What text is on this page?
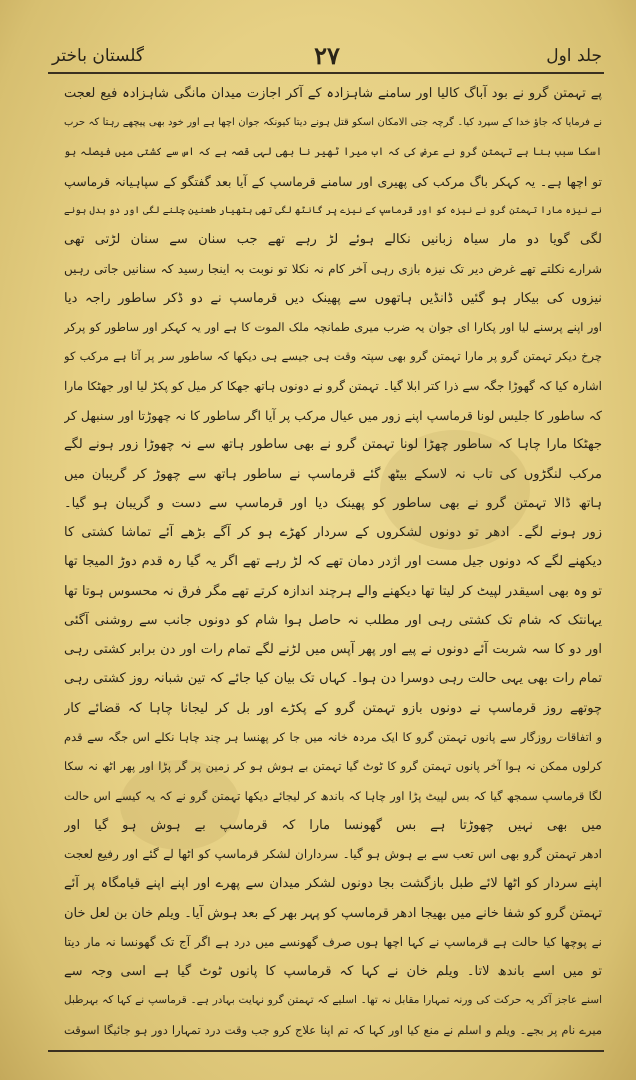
جلد اول
۲۷
گلستان باختر
پے تہمتن گرو نے بود آباگ کالیا اور سامنے شاہزادہ کے آکر اجازت میدان مانگی شاہزادہ فیع لعجت
نے فرمایا کہ جاؤ خدا کے سپرد کیا۔ گرچہ جتی الامکان اسکو قتل ہونے دیتا کیونکہ جوان اچھا ہے اور خود بھی پیچھے رہتا کہ حرب
اسکا سبب بنا ہے تہمتن گرو نے عرض کی کہ اب میرا ٹھیر نا بھی لہی قصہ ہے کہ اس سے کشتی میں فیصلہ ہو
تو اچھا ہے۔ یہ کہکر باگ مرکب کی پھیری اور سامنے قرماسپ کے آیا بعد گفتگو کے سپاہیانہ قرماسپ
نے نیزہ مارا تہمتن گرو نے نیزہ کو اور قرماسپ کے نیزے پر گانٹھ لگی تھی ہتھیار طعنین چلنے لگی اور دو بدل ہونے
لگی گویا دو مار سیاہ زبانیں نکالے ہوئے لڑ رہے تھے جب سنان سے سنان لڑتی تھی
شرارے نکلتے تھے غرض دیر تک نیزہ بازی رہی آخر کام نہ نکلا تو نوبت بہ اینجا رسید کہ سنانیں جاتی رہیں
نیزوں کی بیکار ہو گئیں ڈانڈیں ہاتھوں سے پھینک دیں قرماسپ نے دو ڈکر ساطور راجہ دیا
اور اپنے پرسنے لیا اور پکارا ای جوان یہ ضرب میری طمانچہ ملک الموت کا ہے اور یہ کہکر اور ساطور کو پرکر
چرخ دیکر تہمتن گرو پر مارا تہمتن گرو بھی سپتہ وقت ہی جیسے ہی دیکھا کہ ساطور سر پر آتا ہے مرکب کو
اشارہ کیا کہ گھوڑا جگہ سے ذرا کتر ابلا گیا۔ تہمتن گرو نے دونوں ہاتھ جھکا کر میل کو پکڑ لیا اور جھٹکا مارا
کہ ساطور کا جلیس لونا قرماسپ اپنے زور میں عیال مرکب پر آیا اگر ساطور کا نہ چھوڑتا اور سنبھل کر
جھٹکا مارا چاہا کہ ساطور چھڑا لونا تہمتن گرو نے بھی ساطور ہاتھ سے نہ چھوڑا زور ہونے لگے
مرکب لنگڑوں کی تاب نہ لاسکے بیٹھ گئے قرماسپ نے ساطور ہاتھ سے چھوڑ کر گریبان میں
ہاتھ ڈالا تہمتن گرو نے بھی ساطور کو پھینک دیا اور قرماسپ سے دست و گریبان ہو گیا۔
زور ہونے لگے۔ ادھر تو دونوں لشکروں کے سردار کھڑے ہو کر آگے بڑھے آئے تماشا کشتی کا
دیکھنے لگے کہ دونوں جیل مست اور اژدر دمان تھے کہ لڑ رہے تھے اگر یہ گیا رہ قدم دوڑ المیجا تھا
تو وہ بھی اسیقدر لپیٹ کر لیتا تھا دیکھنے والے ہرچند اندازہ کرتے تھے مگر فرق نہ محسوس ہوتا تھا
یہانتک کہ شام تک کشتی رہی اور مطلب نہ حاصل ہوا شام کو دونوں جانب سے روشنی آگئی
اور دو کا سہ شربت آئے دونوں نے پیے اور پھر آپس میں لڑنے لگے تمام رات اور دن برابر کشتی رہی
تمام رات بھی یہی حالت رہی دوسرا دن ہوا۔ کہاں تک بیان کیا جائے کہ تین شبانہ روز کشتی رہی
چوتھے روز قرماسپ نے دونوں بازو تہمتن گرو کے پکڑے اور بل کر لیجانا چاہا کہ قضائے کار
و اتفاقات روزگار سے پانوں تہمتن گرو کا ایک مردہ خانہ میں جا کر پھنسا ہر چند چاہا نکلے اس جگہ سے قدم
کرلوں ممکن نہ ہوا آخر پانوں تہمتن گرو کا ٹوٹ گیا تہمتن بے ہوش ہو کر زمین پر گر پڑا اور پھر اٹھ نہ سکا
لگا قرماسپ سمجھ گیا کہ بس لپیٹ پڑا اور چاہا کہ باندھ کر لیجائے دیکھا تہمتن گرو نے کہ یہ کیسے اس حالت
میں بھی نہیں چھوڑتا ہے بس گھونسا مارا کہ قرماسپ بے ہوش ہو گیا اور
ادھر تہمتن گرو بھی اس تعب سے بے ہوش ہو گیا۔ سرداران لشکر قرماسپ کو اٹھا لے گئے اور رفیع لعجت
اپنے سردار کو اٹھا لائے طبل بازگشت بجا دونوں لشکر میدان سے پھرے اور اپنے اپنے قیامگاہ پر آئے
تہمتن گرو کو شفا خانے میں بھیجا ادھر قرماسپ کو پہر بھر کے بعد ہوش آیا۔ ویلم خان بن لعل خان
نے پوچھا کیا حالت ہے قرماسپ نے کہا اچھا ہوں صرف گھونسے میں درد ہے اگر آج تک گھونسا نہ مار دیتا
تو میں اسے باندھ لاتا۔ ویلم خان نے کہا کہ قرماسپ کا پانوں ٹوٹ گیا ہے اسی وجہ سے
اسنے عاجز آکر یہ حرکت کی ورنہ تمہارا مقابل نہ تھا۔ اسلیے کہ تہمتن گرو نہایت بہادر ہے۔ قرماسپ نے کہا کہ بہرطبل
میرے نام پر بجے۔ ویلم و اسلم نے منع کیا اور کہا کہ تم اپنا علاج کرو جب وقت درد تمہارا دور ہو جائیگا اسوقت
